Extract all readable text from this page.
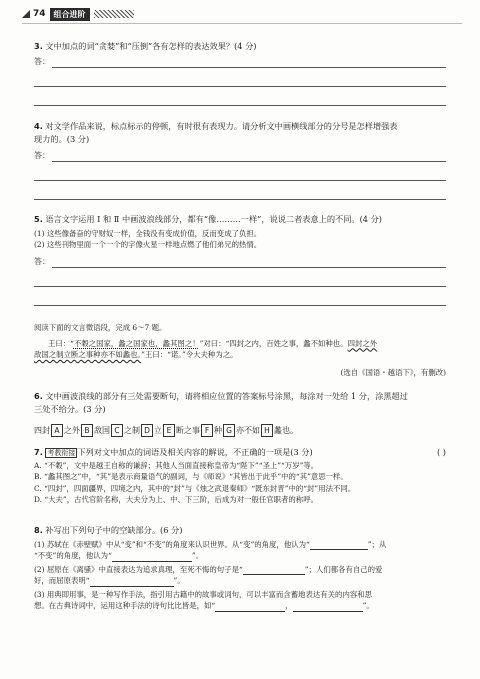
74	组合进阶
3. 文中加点的词“贪婪”和“压倒”各有怎样的表达效果？(4 分)
答：
4. 对文学作品来说，标点标示的停顿，有时很有表现力。请分析文中画横线部分的分号是怎样增强表
现力的。(3 分)
答：
5. 语言文字运用 Ⅰ 和 Ⅱ 中画波浪线部分，都有“像………一样”，说说二者表意上的不同。(4 分)
(1) 这些像备奋的守财奴一样，全钱没有变成价值，反而变成了负担。
(2) 这些刊物里面一个一个的字像火星一样地点燃了他们弟兄的热情。
答：
阅读下面的文言微语段，完成 6～7 题。
王曰：“不穀之国家，蠡之国家也，蠡其图之！”对曰：“四封之内，百姓之事，蠡不如种也。四封之外
敌国之制立断之事种亦不如蠡也。”王曰：“诺。”令大夫种为之。
(选自《国语・越语下》，有删改)
6. 文中画波浪线的部分有三处需要断句，请将相应位置的答案标号涂黑，每涂对一处给 1 分，涂黑超过
三处不给分。(3 分)
四封 A 之外 B 敌国 C 之制 D 立 E 断之事 F 种 G 亦不如 H 蠡也。
7. 考教衔接 下列对文中加点的词语及相关内容的解说，不正确的一项是(3 分)	( )
A. “不穀”，文中是越王自称的谦辞；其他人当面直接称皇帝为“陛下”“圣上”“万岁”等。
B. “蠡其图之”中，“其”是表示商量语气的副词，与《师说》“其皆出于此乎”中的“其”意思一样。
C. “四封”，四面疆界，四境之内，其中的“封”与《烛之武退秦师》“既东封晋”中的“封”用法不同。
D. “大夫”，古代官阶名称，大夫分为上、中、下三阶，后成为对一般任官职者的称呼。
8. 补写出下列句子中的空缺部分。(6 分)
(1) 苏轼在《赤壁赋》中从“变”和“不变”的角度来认识世界。从“变”的角度，他认为“	”；从
“不变”的角度，他认为“	”。
(2) 屈原在《离骚》中直接表达为追求真理，至死不悔的句子是“	”；人们都各有自己的爱
好，而屈原表明“	”。
(3) 用典即用事，是一种写作手法，指引用古籍中的故事或词句，可以丰富而含蓄地表达有关的内容和思
想。在古典诗词中，运用这种手法的诗句比比皆是，如“	，	”。
